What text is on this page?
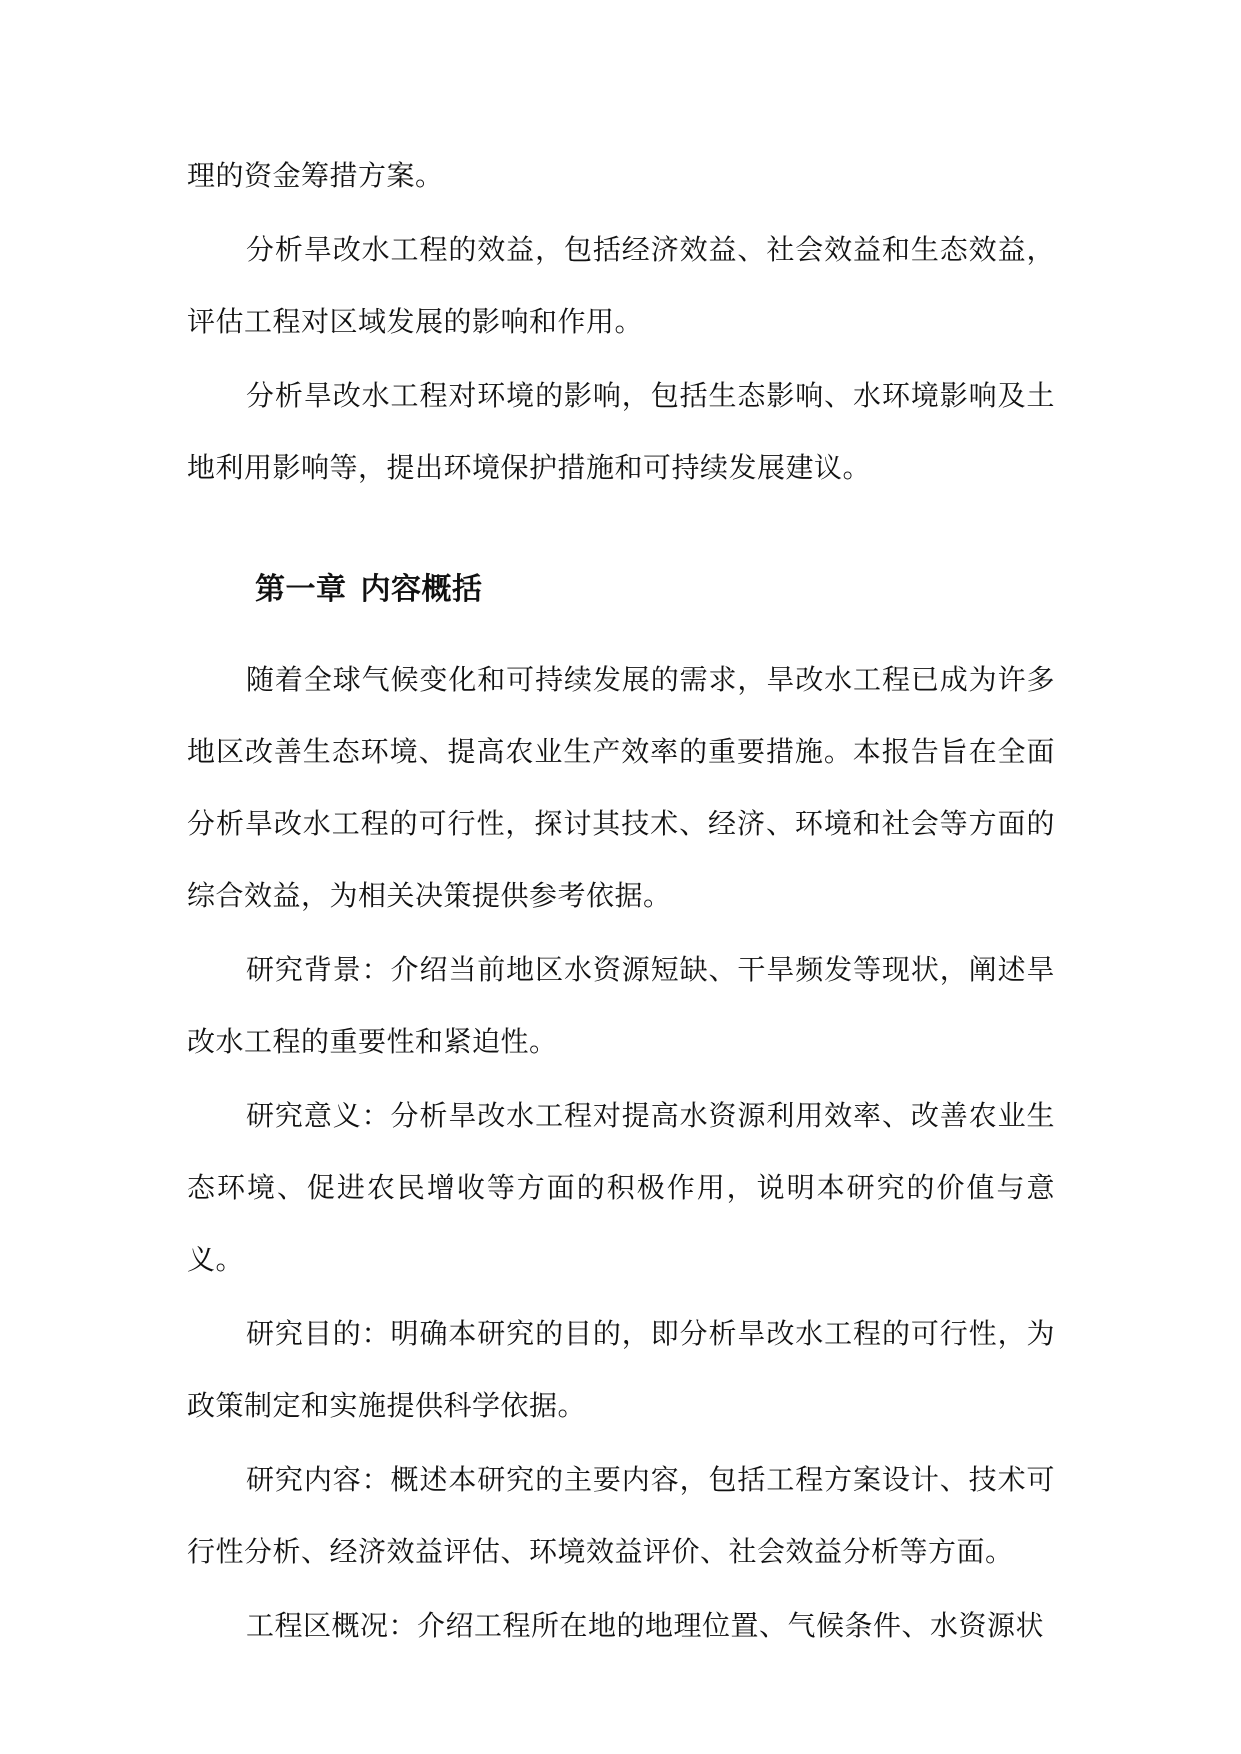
理的资金筹措方案。

分析旱改水工程的效益，包括经济效益、社会效益和生态效益，评估工程对区域发展的影响和作用。

分析旱改水工程对环境的影响，包括生态影响、水环境影响及土地利用影响等，提出环境保护措施和可持续发展建议。

第一章 内容概括

随着全球气候变化和可持续发展的需求，旱改水工程已成为许多地区改善生态环境、提高农业生产效率的重要措施。本报告旨在全面分析旱改水工程的可行性，探讨其技术、经济、环境和社会等方面的综合效益，为相关决策提供参考依据。

研究背景：介绍当前地区水资源短缺、干旱频发等现状，阐述旱改水工程的重要性和紧迫性。

研究意义：分析旱改水工程对提高水资源利用效率、改善农业生态环境、促进农民增收等方面的积极作用，说明本研究的价值与意义。

研究目的：明确本研究的目的，即分析旱改水工程的可行性，为政策制定和实施提供科学依据。

研究内容：概述本研究的主要内容，包括工程方案设计、技术可行性分析、经济效益评估、环境效益评价、社会效益分析等方面。

工程区概况：介绍工程所在地的地理位置、气候条件、水资源状
